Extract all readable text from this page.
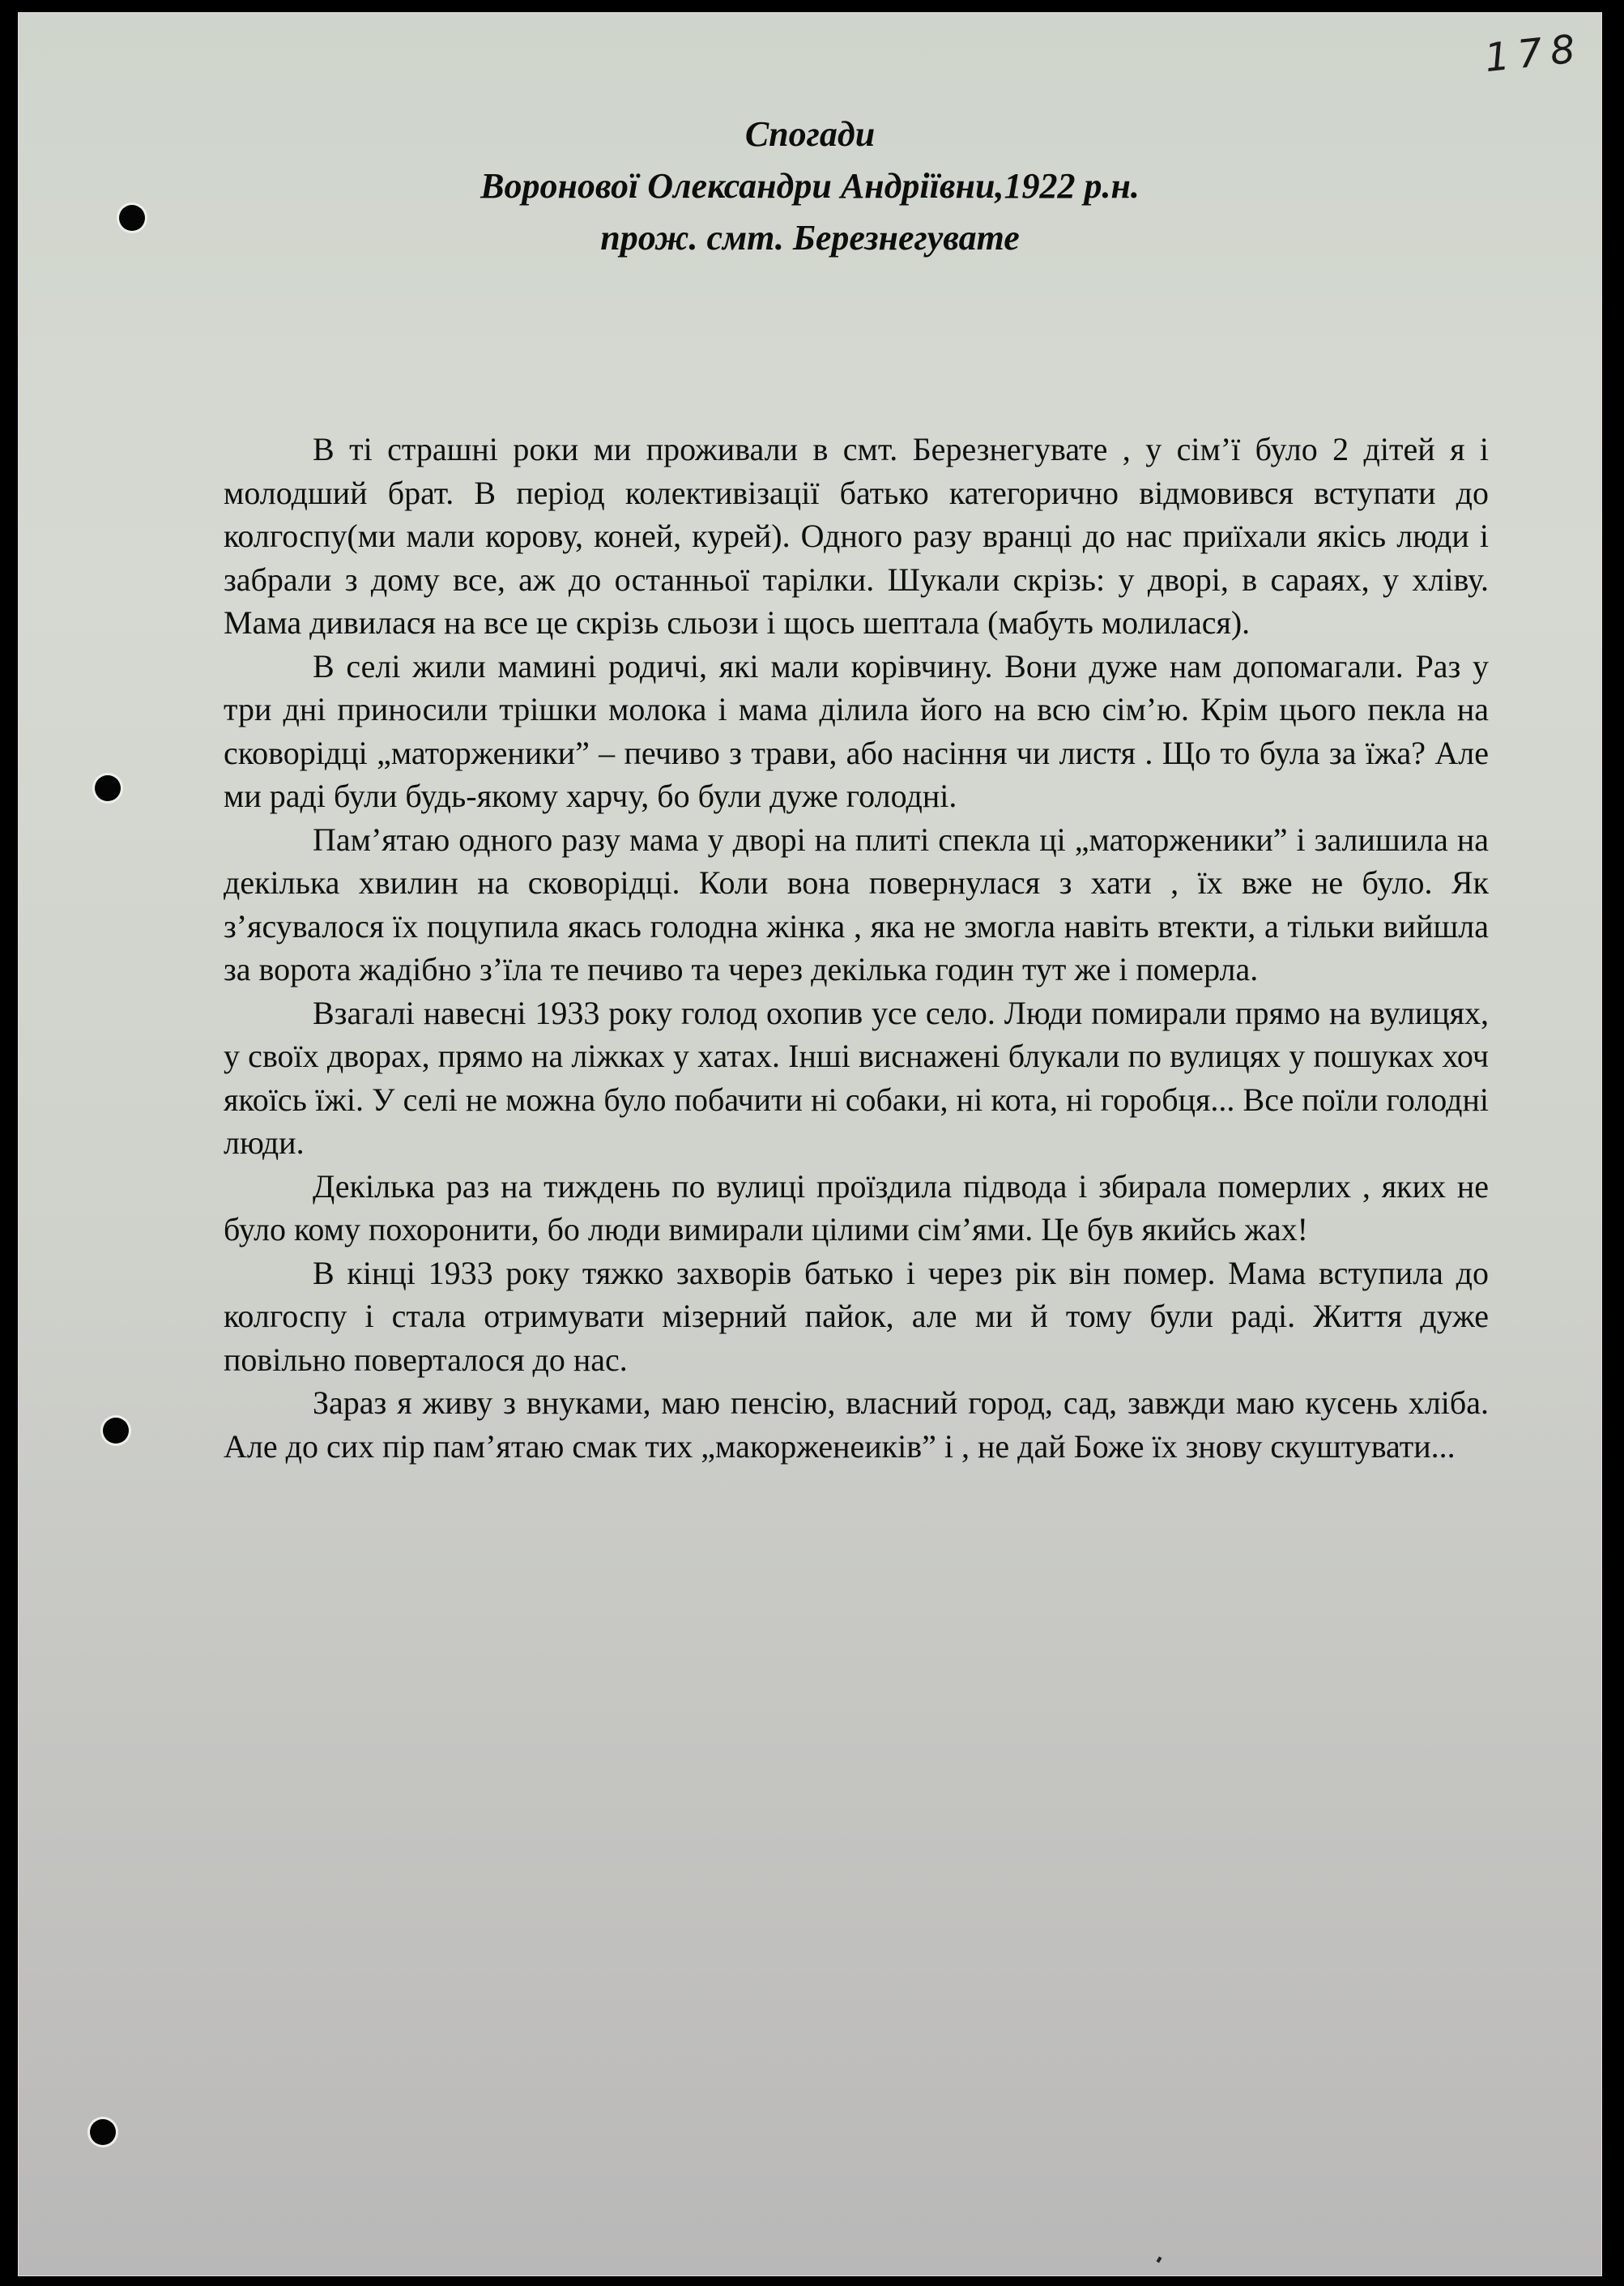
178
Спогади
Воронової Олександри Андріївни,1922 р.н.
прож. смт. Березнегувате

В ті страшні роки ми проживали в смт. Березнегувате , у сім’ї було 2 дітей я і молодший брат. В період колективізації батько категорично відмовився вступати до колгоспу(ми мали корову, коней, курей). Одного разу вранці до нас приїхали якісь люди і забрали з дому все, аж до останньої тарілки. Шукали скрізь: у дворі, в сараях, у хліву. Мама дивилася на все це скрізь сльози і щось шептала (мабуть молилася).

В селі жили мамині родичі, які мали корівчину. Вони дуже нам допомагали. Раз у три дні приносили трішки молока і мама ділила його на всю сім’ю. Крім цього пекла на сковорідці „маторженики” – печиво з трави, або насіння чи листя . Що то була за їжа? Але ми раді були будь-якому харчу, бо були дуже голодні.

Пам’ятаю одного разу мама у дворі на плиті спекла ці „маторженики” і залишила на декілька хвилин на сковорідці. Коли вона повернулася з хати , їх вже не було. Як з’ясувалося їх поцупила якась голодна жінка , яка не змогла навіть втекти, а тільки вийшла за ворота жадібно з’їла те печиво та через декілька годин тут же і померла.

Взагалі навесні 1933 року голод охопив усе село. Люди помирали прямо на вулицях, у своїх дворах, прямо на ліжках у хатах. Інші виснажені блукали по вулицях у пошуках хоч якоїсь їжі. У селі не можна було побачити ні собаки, ні кота, ні горобця... Все поїли голодні люди.

Декілька раз на тиждень по вулиці проїздила підвода і збирала померлих , яких не було кому похоронити, бо люди вимирали цілими сім’ями. Це був якийсь жах!

В кінці 1933 року тяжко захворів батько і через рік він помер. Мама вступила до колгоспу і стала отримувати мізерний пайок, але ми й тому були раді. Життя дуже повільно поверталося до нас.

Зараз я живу з внуками, маю пенсію, власний город, сад, завжди маю кусень хліба. Але до сих пір пам’ятаю смак тих „макорженеиків” і , не дай Боже їх знову скуштувати...
